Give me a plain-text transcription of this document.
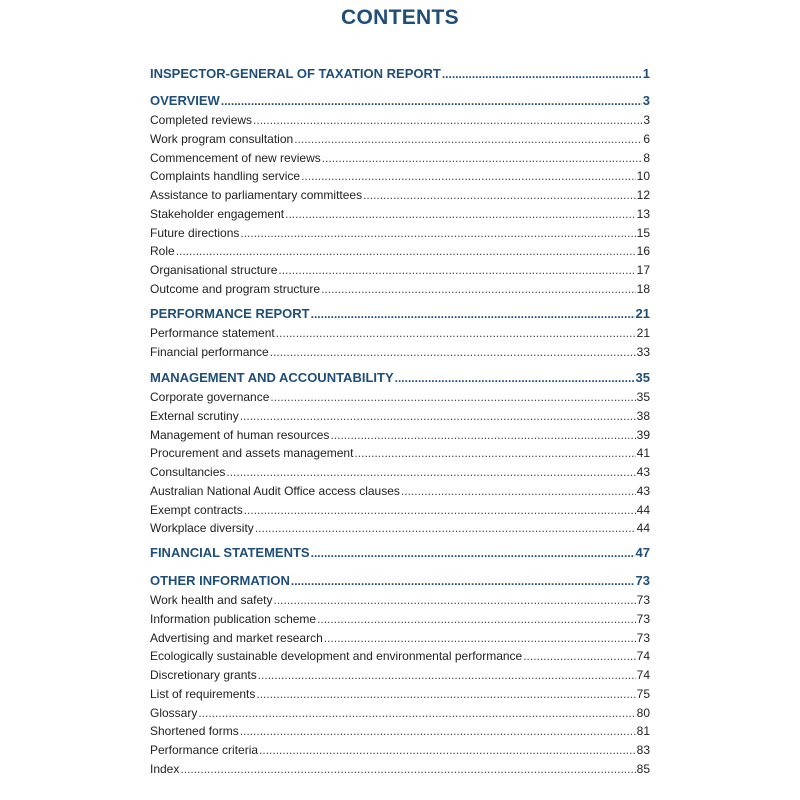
CONTENTS
INSPECTOR-GENERAL OF TAXATION REPORT .....	1
OVERVIEW .....	3
Completed reviews .....	3
Work program consultation .....	6
Commencement of new reviews .....	8
Complaints handling service .....	10
Assistance to parliamentary committees .....	12
Stakeholder engagement .....	13
Future directions .....	15
Role .....	16
Organisational structure .....	17
Outcome and program structure .....	18
PERFORMANCE REPORT .....	21
Performance statement .....	21
Financial performance .....	33
MANAGEMENT AND ACCOUNTABILITY .....	35
Corporate governance .....	35
External scrutiny .....	38
Management of human resources .....	39
Procurement and assets management .....	41
Consultancies .....	43
Australian National Audit Office access clauses .....	43
Exempt contracts .....	44
Workplace diversity .....	44
FINANCIAL STATEMENTS .....	47
OTHER INFORMATION .....	73
Work health and safety .....	73
Information publication scheme .....	73
Advertising and market research .....	73
Ecologically sustainable development and environmental performance .....	74
Discretionary grants .....	74
List of requirements .....	75
Glossary .....	80
Shortened forms .....	81
Performance criteria .....	83
Index .....	85
